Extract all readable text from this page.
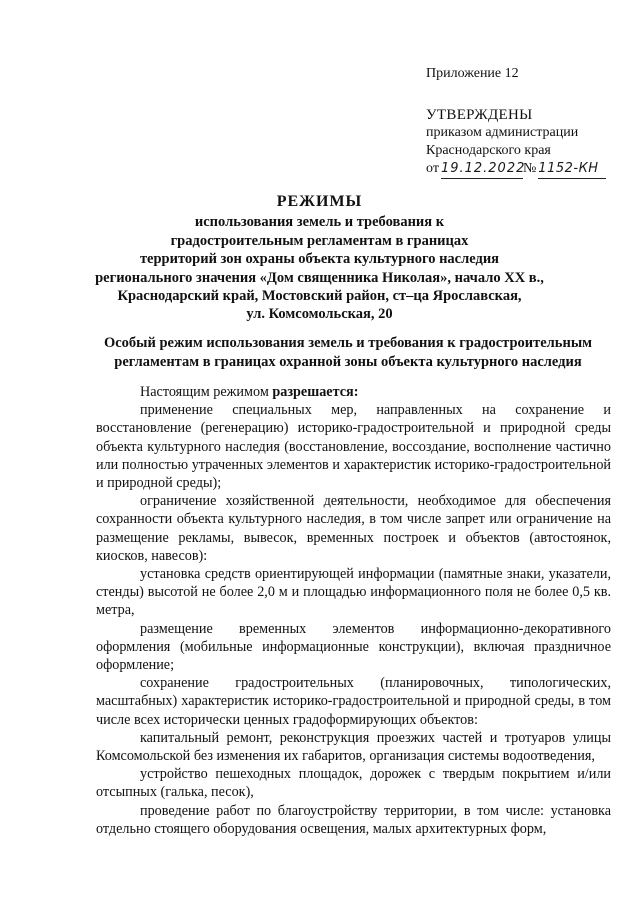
Приложение 12
УТВЕРЖДЕНЫ
приказом администрации
Краснодарского края
от 19.12.2022№ 1152-КН
РЕЖИМЫ
использования земель и требования к
градостроительным регламентам в границах
территорий зон охраны объекта культурного наследия
регионального значения «Дом священника Николая», начало XX в.,
Краснодарский край, Мостовский район, ст–ца Ярославская,
ул. Комсомольская, 20
Особый режим использования земель и требования к градостроительным
регламентам в границах охранной зоны объекта культурного наследия

Настоящим режимом разрешается:

применение специальных мер, направленных на сохранение и восстановление (регенерацию) историко-градостроительной и природной среды объекта культурного наследия (восстановление, воссоздание, восполнение частично или полностью утраченных элементов и характеристик историко-градостроительной и природной среды);

ограничение хозяйственной деятельности, необходимое для обеспечения сохранности объекта культурного наследия, в том числе запрет или ограничение на размещение рекламы, вывесок, временных построек и объектов (автостоянок, киосков, навесов):

установка средств ориентирующей информации (памятные знаки, указатели, стенды) высотой не более 2,0 м и площадью информационного поля не более 0,5 кв. метра,

размещение временных элементов информационно-декоративного оформления (мобильные информационные конструкции), включая праздничное оформление;

сохранение градостроительных (планировочных, типологических, масштабных) характеристик историко-градостроительной и природной среды, в том числе всех исторически ценных градоформирующих объектов:

капитальный ремонт, реконструкция проезжих частей и тротуаров улицы Комсомольской без изменения их габаритов, организация системы водоотведения,

устройство пешеходных площадок, дорожек с твердым покрытием и/или отсыпных (галька, песок),

проведение работ по благоустройству территории, в том числе: установка отдельно стоящего оборудования освещения, малых архитектурных форм,
